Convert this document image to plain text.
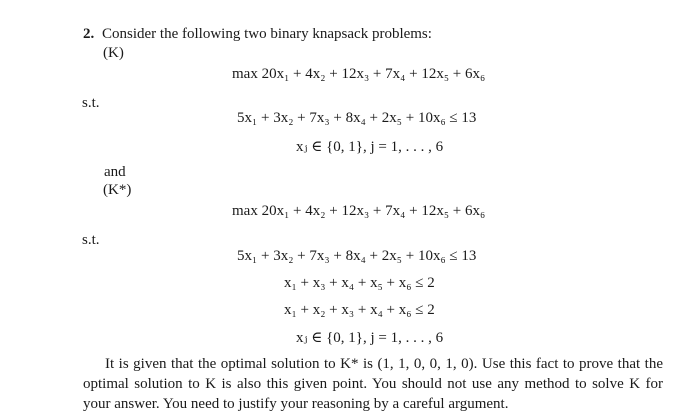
2. Consider the following two binary knapsack problems:
(K)
max 20x₁ + 4x₂ + 12x₃ + 7x₄ + 12x₅ + 6x₆
s.t.
5x₁ + 3x₂ + 7x₃ + 8x₄ + 2x₅ + 10x₆ ≤ 13
xⱼ ∈ {0, 1}, j = 1, . . . , 6
and
(K*)
max 20x₁ + 4x₂ + 12x₃ + 7x₄ + 12x₅ + 6x₆
s.t.
5x₁ + 3x₂ + 7x₃ + 8x₄ + 2x₅ + 10x₆ ≤ 13
x₁ + x₃ + x₄ + x₅ + x₆ ≤ 2
x₁ + x₂ + x₃ + x₄ + x₆ ≤ 2
xⱼ ∈ {0, 1}, j = 1, . . . , 6
It is given that the optimal solution to K* is (1, 1, 0, 0, 1, 0). Use this fact to prove that the optimal solution to K is also this given point. You should not use any method to solve K for your answer. You need to justify your reasoning by a careful argument.
